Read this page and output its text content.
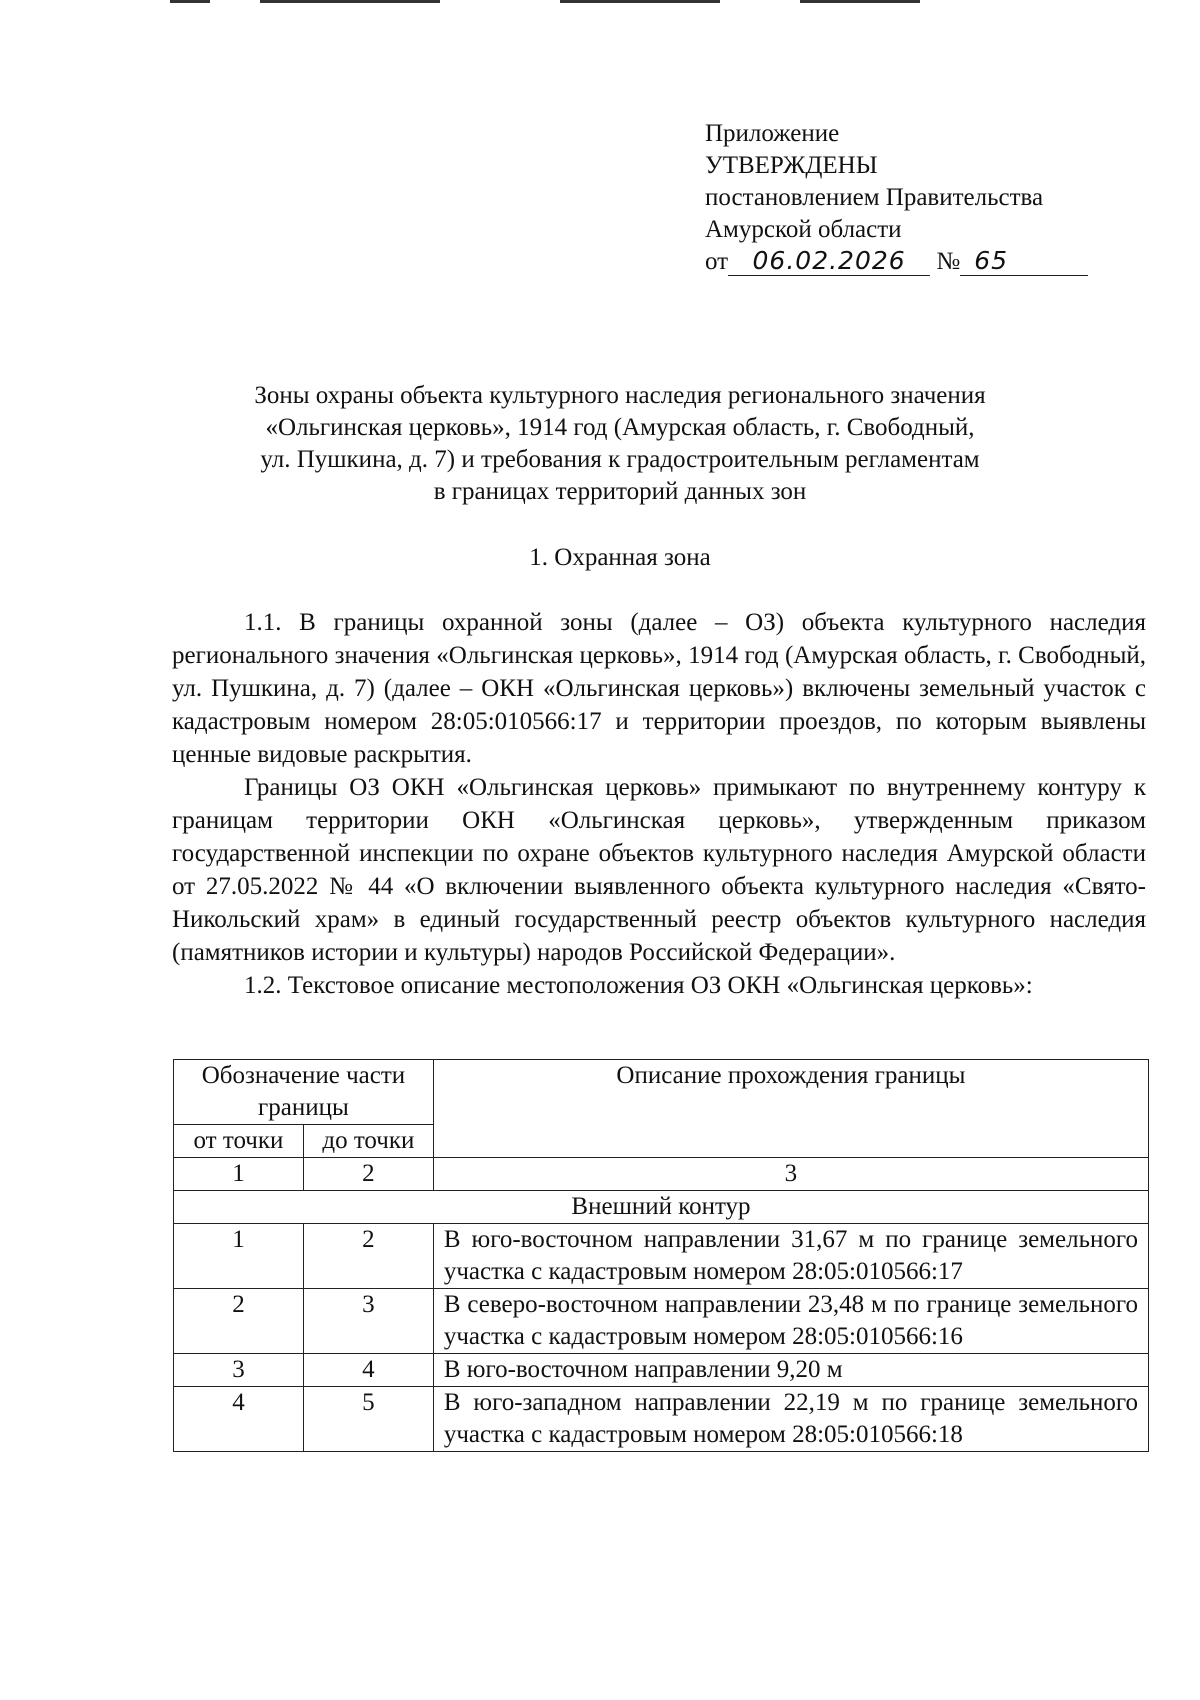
Приложение
УТВЕРЖДЕНЫ
постановлением Правительства
Амурской области
от 06.02.2026 № 65
Зоны охраны объекта культурного наследия регионального значения
«Ольгинская церковь», 1914 год (Амурская область, г. Свободный,
ул. Пушкина, д. 7) и требования к градостроительным регламентам
в границах территорий данных зон
1. Охранная зона

1.1. В границы охранной зоны (далее – ОЗ) объекта культурного наследия регионального значения «Ольгинская церковь», 1914 год (Амурская область, г. Свободный, ул. Пушкина, д. 7) (далее – ОКН «Ольгинская церковь») включены земельный участок с кадастровым номером 28:05:010566:17 и территории проездов, по которым выявлены ценные видовые раскрытия.

Границы ОЗ ОКН «Ольгинская церковь» примыкают по внутреннему контуру к границам территории ОКН «Ольгинская церковь», утвержденным приказом государственной инспекции по охране объектов культурного наследия Амурской области от 27.05.2022 № 44 «О включении выявленного объекта культурного наследия «Свято-Никольский храм» в единый государственный реестр объектов культурного наследия (памятников истории и культуры) народов Российской Федерации».

1.2. Текстовое описание местоположения ОЗ ОКН «Ольгинская церковь»:

Обозначение части границы		Описание прохождения границы
от точки	до точки	
1	2	3
Внешний контур		
1	2	В юго-восточном направлении 31,67 м по границе земельного участка с кадастровым номером 28:05:010566:17
2	3	В северо-восточном направлении 23,48 м по границе земельного участка с кадастровым номером 28:05:010566:16
3	4	В юго-восточном направлении 9,20 м
4	5	В юго-западном направлении 22,19 м по границе земельного участка с кадастровым номером 28:05:010566:18
